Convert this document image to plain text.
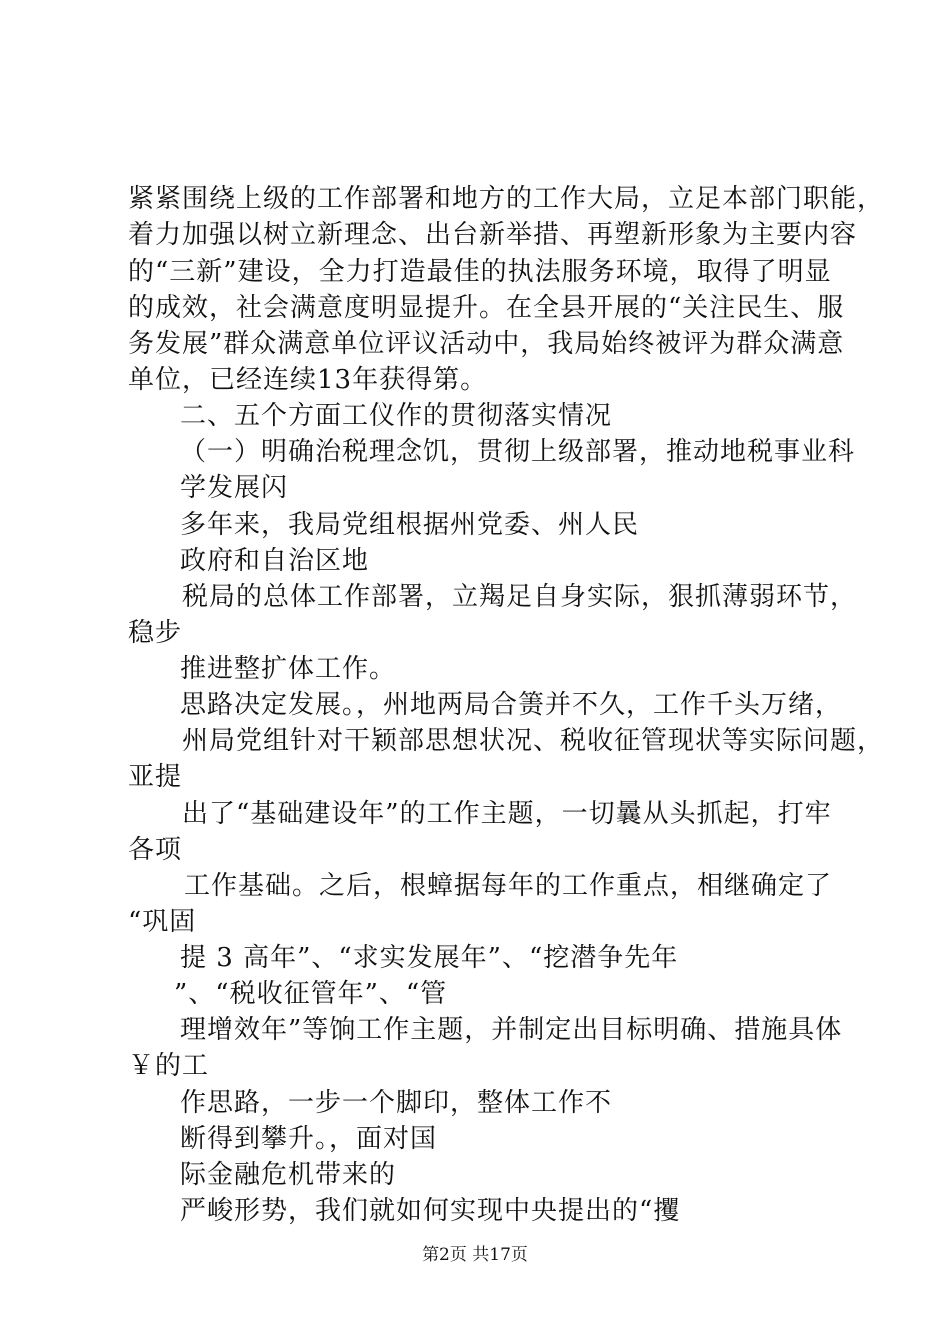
紧紧围绕上级的工作部署和地方的工作大局，立足本部门职能，
着力加强以树立新理念、出台新举措、再塑新形象为主要内容
的“三新”建设，全力打造最佳的执法服务环境，取得了明显
的成效，社会满意度明显提升。在全县开展的“关注民生、服
务发展”群众满意单位评议活动中，我局始终被评为群众满意
单位，已经连续13年获得第。
二、五个方面工仪作的贯彻落实情况
（一）明确治税理念饥，贯彻上级部署，推动地税事业科
学发展闪
多年来，我局党组根据州党委、州人民
政府和自治区地
税局的总体工作部署，立羯足自身实际，狠抓薄弱环节，
稳步
推进整扩体工作。
思路决定发展。，州地两局合箦并不久，工作千头万绪，
州局党组针对干颖部思想状况、税收征管现状等实际问题，
亚提
出了“基础建设年”的工作主题，一切曩从头抓起，打牢
各项
工作基础。之后，根蟑据每年的工作重点，相继确定了
“巩固
提 3 高年”、“求实发展年”、“挖潜争先年
”、“税收征管年”、“管
理增效年”等饷工作主题，并制定出目标明确、措施具体
￥的工
作思路，一步一个脚印，整体工作不
断得到攀升。，面对国
际金融危机带来的
严峻形势，我们就如何实现中央提出的“攫
第2页 共17页
